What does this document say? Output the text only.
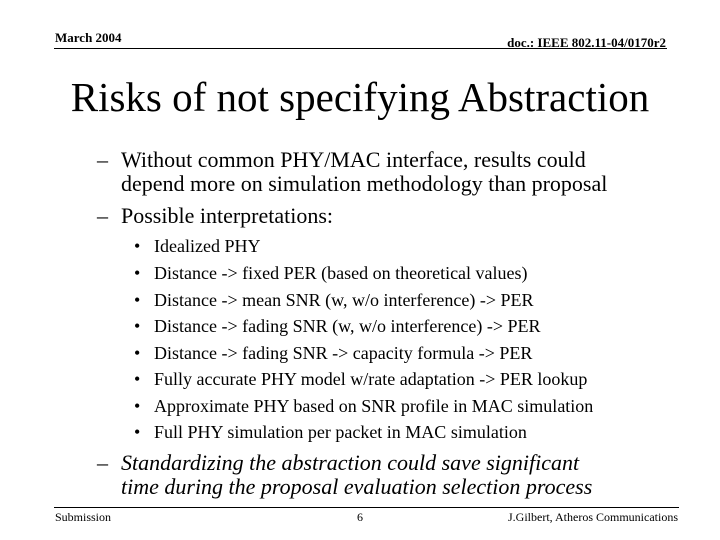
March 2004	doc.: IEEE 802.11-04/0170r2
Risks of not specifying Abstraction
– Without common PHY/MAC interface, results could
depend more on simulation methodology than proposal
– Possible interpretations:
• Idealized PHY
• Distance -> fixed PER (based on theoretical values)
• Distance -> mean SNR (w, w/o interference) -> PER
• Distance -> fading SNR (w, w/o interference) -> PER
• Distance -> fading SNR -> capacity formula -> PER
• Fully accurate PHY model w/rate adaptation -> PER lookup
• Approximate PHY based on SNR profile in MAC simulation
• Full PHY simulation per packet in MAC simulation
– Standardizing the abstraction could save significant
time during the proposal evaluation selection process
Submission	6	J.Gilbert, Atheros Communications
